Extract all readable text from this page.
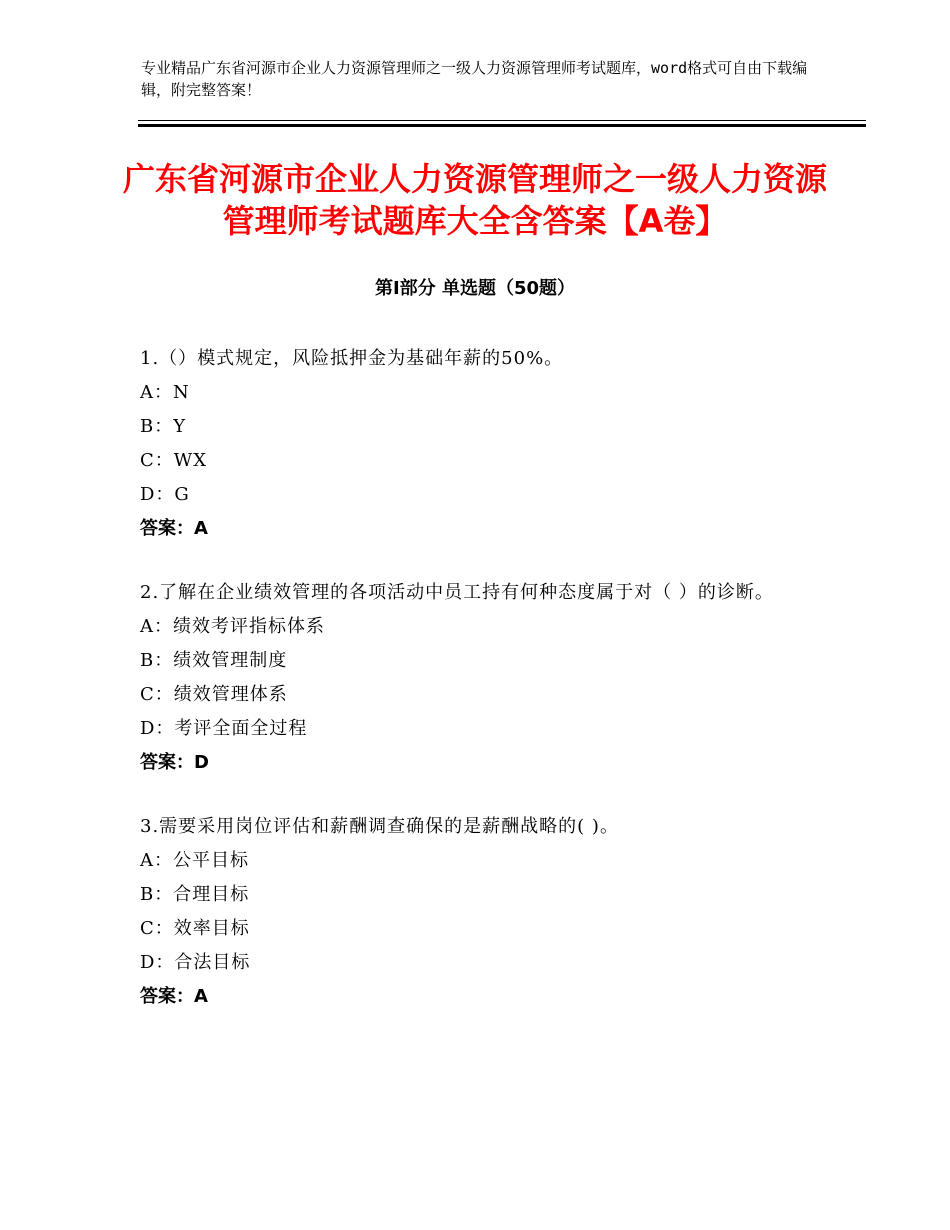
专业精品广东省河源市企业人力资源管理师之一级人力资源管理师考试题库，word格式可自由下载编辑，附完整答案！
广东省河源市企业人力资源管理师之一级人力资源管理师考试题库大全含答案【A卷】
第Ⅰ部分 单选题（50题）
1.（）模式规定，风险抵押金为基础年薪的50%。
A：N
B：Y
C：WX
D：G
答案：A
2.了解在企业绩效管理的各项活动中员工持有何种态度属于对（ ）的诊断。
A：绩效考评指标体系
B：绩效管理制度
C：绩效管理体系
D：考评全面全过程
答案：D
3.需要采用岗位评估和薪酬调查确保的是薪酬战略的( )。
A：公平目标
B：合理目标
C：效率目标
D：合法目标
答案：A
